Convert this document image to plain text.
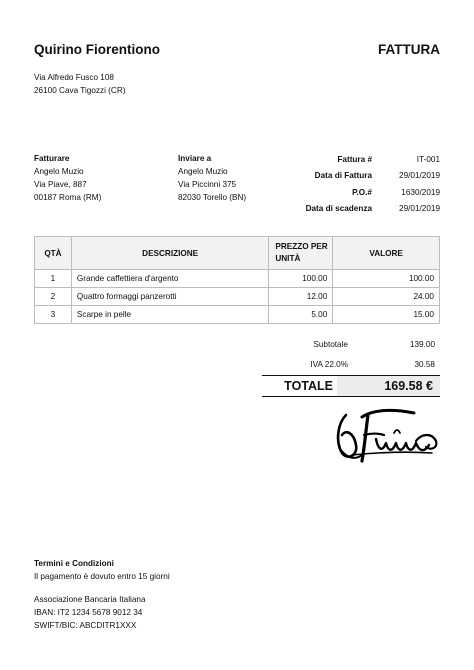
Quirino Fiorentiono	FATTURA
Via Alfredo Fusco 108
26100 Cava Tigozzi (CR)
Fatturare
Angelo Muzio
Via Piave, 887
00187 Roma (RM)
Inviare a
Angelo Muzio
Via Piccinni 375
82030 Torello (BN)
Fattura #	IT-001
Data di Fattura	29/01/2019
P.O.#	1630/2019
Data di scadenza	29/01/2019
QTÀ	DESCRIZIONE	PREZZO PER UNITÀ	VALORE
1	Grande caffettiera d'argento	100.00	100.00
2	Quattro formaggi panzerotti	12.00	24.00
3	Scarpe in pelle	5.00	15.00
Subtotale	139.00
IVA 22.0%	30.58
TOTALE	169.58 €
Termini e Condizioni
Il pagamento è dovuto entro 15 giorni
Associazione Bancaria Italiana
IBAN: IT2 1234 5678 9012 34
SWIFT/BIC: ABCDITR1XXX
